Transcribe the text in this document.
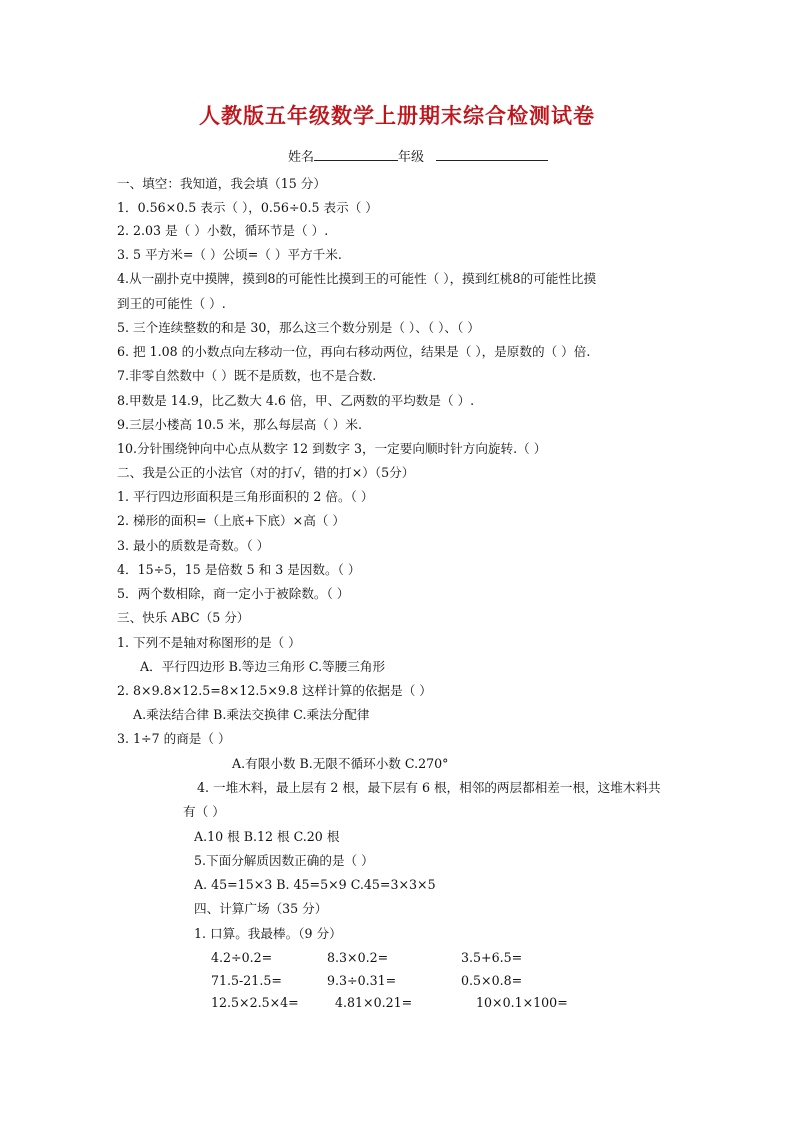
人教版五年级数学上册期末综合检测试卷
姓名	年级
一、填空：我知道，我会填（15 分）
1．0.56×0.5 表示（ ），0.56÷0.5 表示（ ）
2. 2.03̇ 是（ ）小数，循环节是（ ）.
3. 5 平方米=（ ）公顷=（ ）平方千米.
4.从一副扑克中摸牌，摸到8的可能性比摸到王的可能性（ ），摸到红桃8的可能性比摸
到王的可能性（ ）.
5. 三个连续整数的和是 30，那么这三个数分别是（ ）、（ ）、（ ）
6. 把 1.08 的小数点向左移动一位，再向右移动两位，结果是（ ），是原数的（ ）倍.
7.非零自然数中（ ）既不是质数，也不是合数.
8.甲数是 14.9，比乙数大 4.6 倍，甲、乙两数的平均数是（ ）.
9.三层小楼高 10.5 米，那么每层高（ ）米.
10.分针围绕钟向中心点从数字 12 到数字 3，一定要向顺时针方向旋转.（ ）
二、我是公正的小法官（对的打√，错的打×）（5分）
1. 平行四边形面积是三角形面积的 2 倍。（ ）
2. 梯形的面积=（上底+下底）×高（ ）
3. 最小的质数是奇数。（ ）
4．15÷5，15 是倍数 5 和 3 是因数。（ ）
5．两个数相除，商一定小于被除数。（ ）
三、快乐 ABC（5 分）
1. 下列不是轴对称图形的是（ ）
A．平行四边形 B.等边三角形 C.等腰三角形
2. 8×9.8×12.5=8×12.5×9.8 这样计算的依据是（ ）
A.乘法结合律 B.乘法交换律 C.乘法分配律
3. 1÷7 的商是（ ）
A.有限小数 B.无限不循环小数 C.270°
4. 一堆木料，最上层有 2 根，最下层有 6 根，相邻的两层都相差一根，这堆木料共
有（ ）
A.10 根 B.12 根 C.20 根
5.下面分解质因数正确的是（ ）
A. 45=15×3 B. 45=5×9 C.45=3×3×5
四、计算广场（35 分）
1. 口算。我最棒。（9 分）
4.2÷0.2=	8.3×0.2=	3.5+6.5=
71.5-21.5=	9.3÷0.31=	0.5×0.8=
12.5×2.5×4=	4.81×0.21=	10×0.1×100=
